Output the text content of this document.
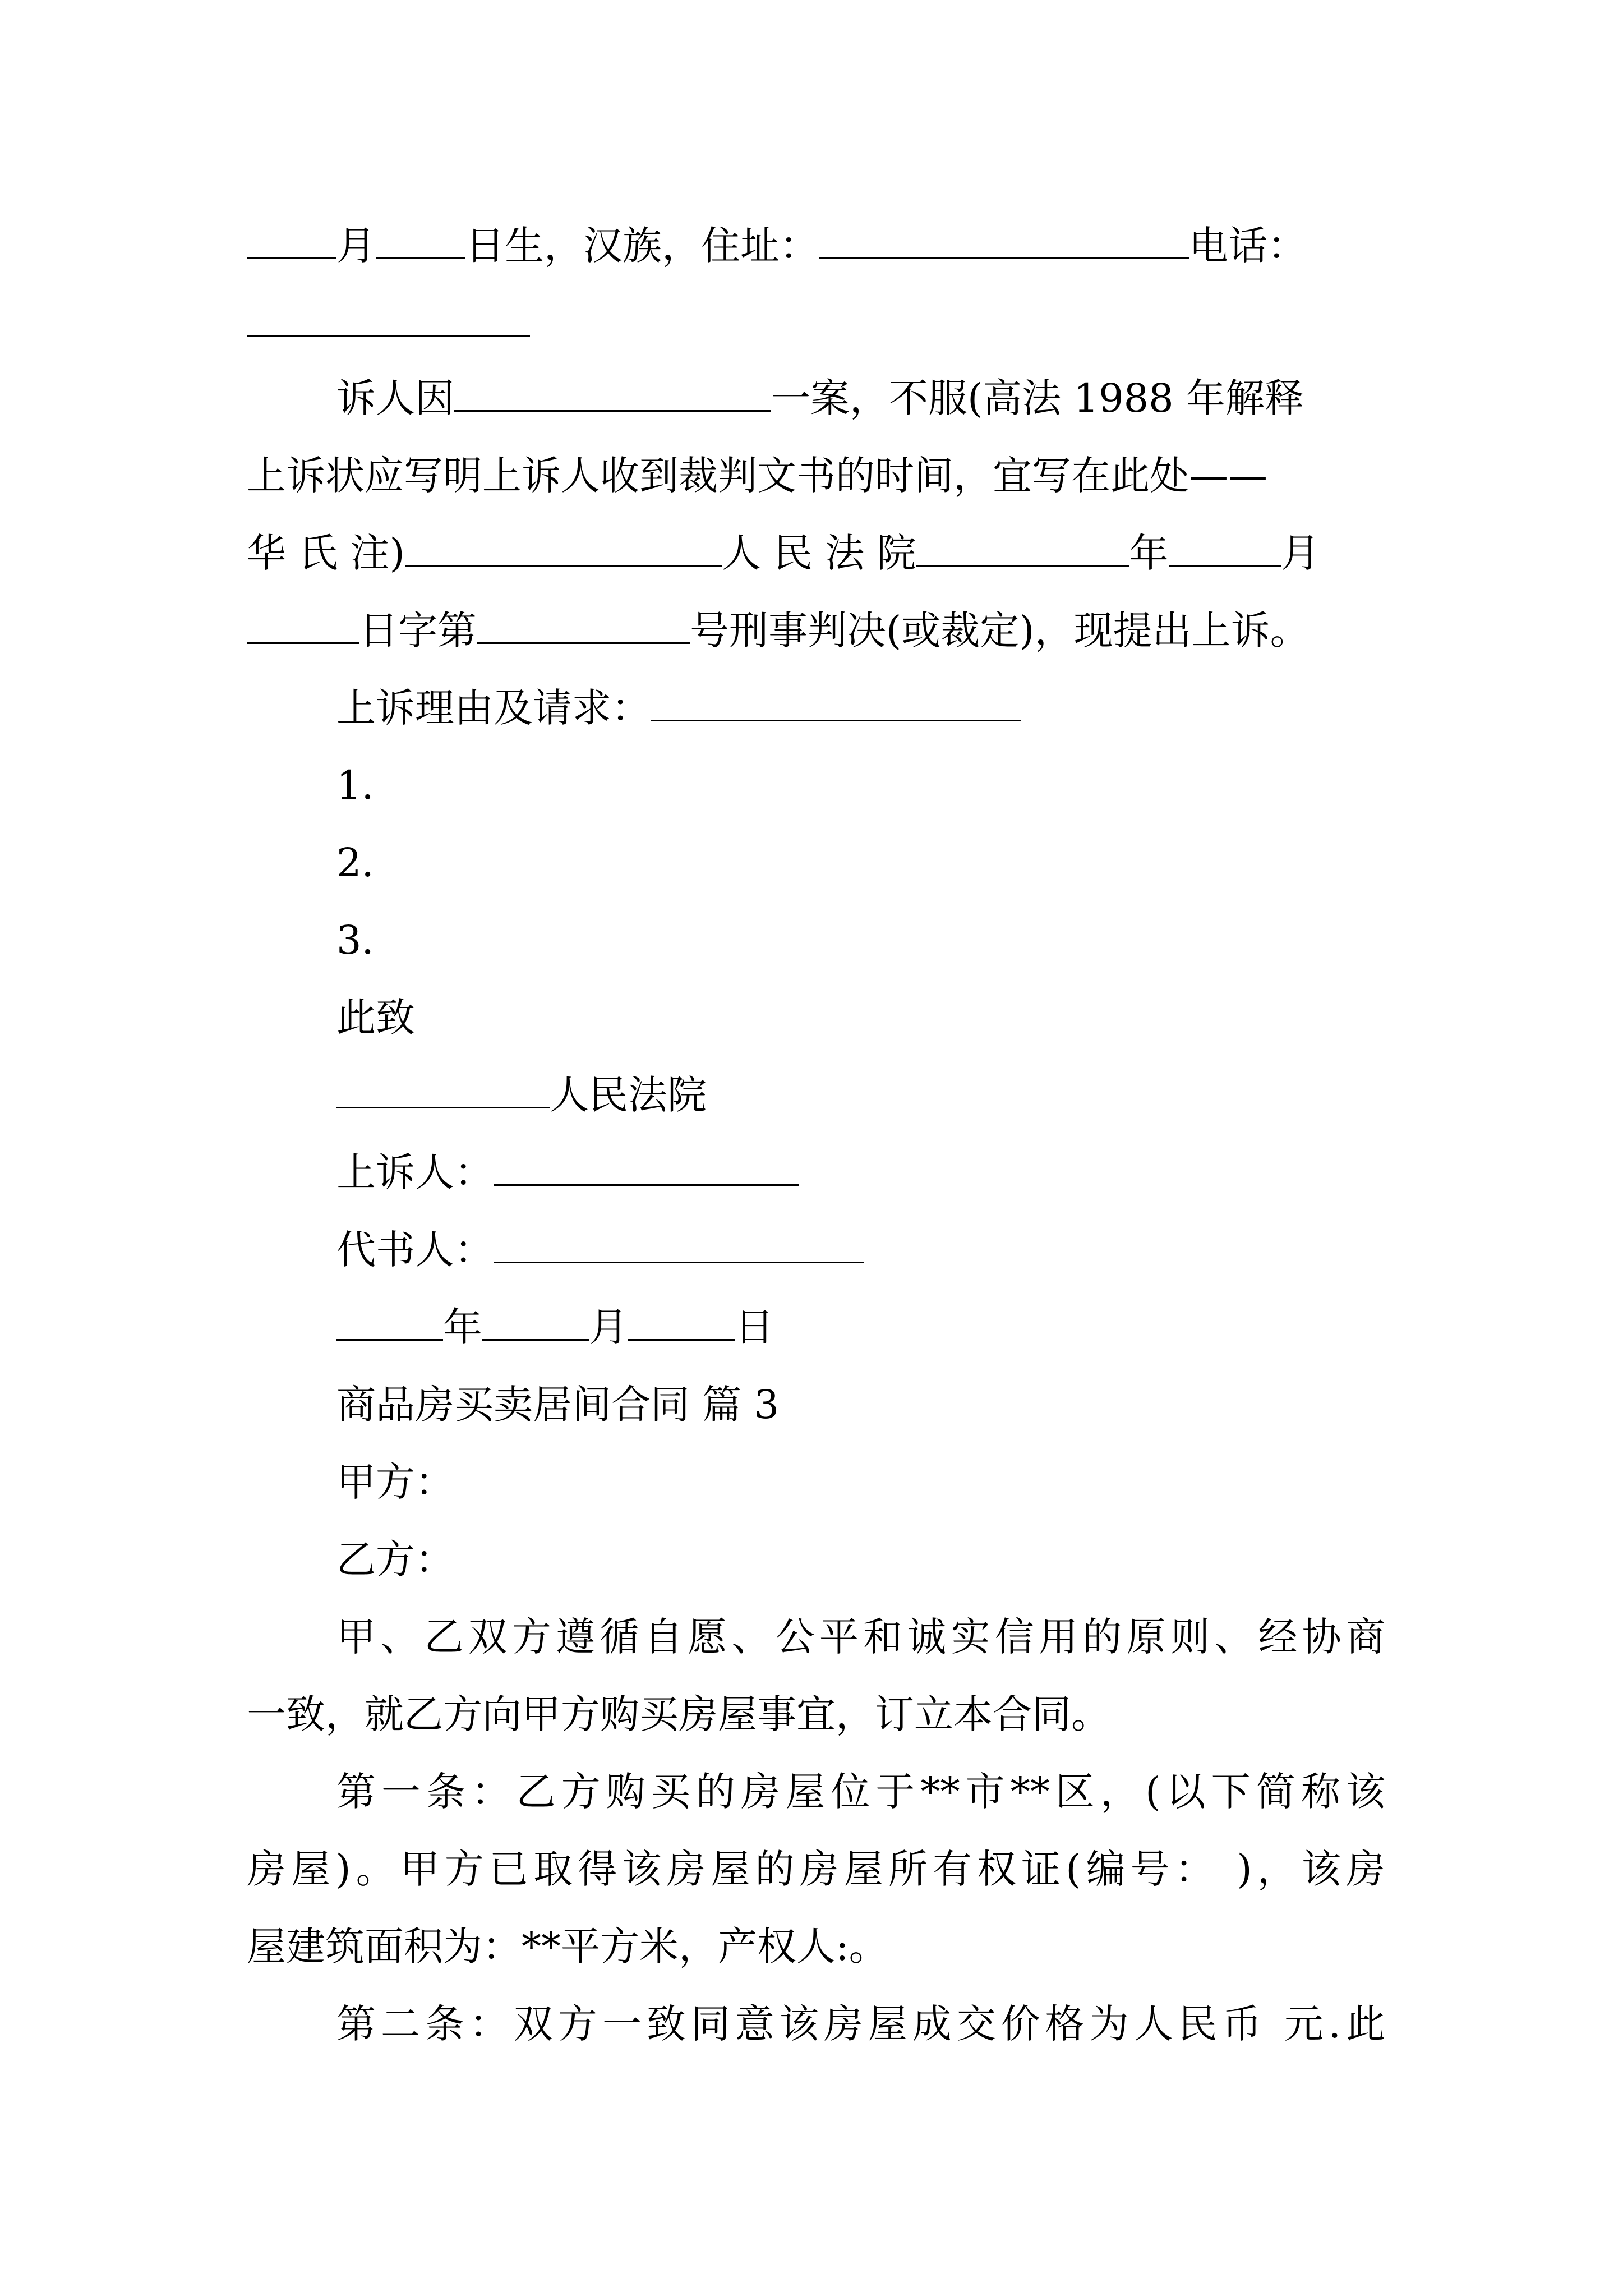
月 日生，汉族，住址：	电话：
诉人因	一案，不服(高法 1988 年解释
上诉状应写明上诉人收到裁判文书的时间，宜写在此处——
华 氏 注)	人 民 法 院	年	月
日字第	号刑事判决(或裁定)，现提出上诉。
上诉理由及请求：
1.
2.
3.
此致
人民法院
上诉人：
代书人：
年	月	日
商品房买卖居间合同 篇 3
甲方：
乙方：
甲、乙双方遵循自愿、公平和诚实信用的原则、经协商
一致，就乙方向甲方购买房屋事宜，订立本合同。
第一条：乙方购买的房屋位于**市**区，(以下简称该
房屋)。甲方已取得该房屋的房屋所有权证(编号： )，该房
屋建筑面积为：**平方米，产权人:。
第二条：双方一致同意该房屋成交价格为人民币 元.此
